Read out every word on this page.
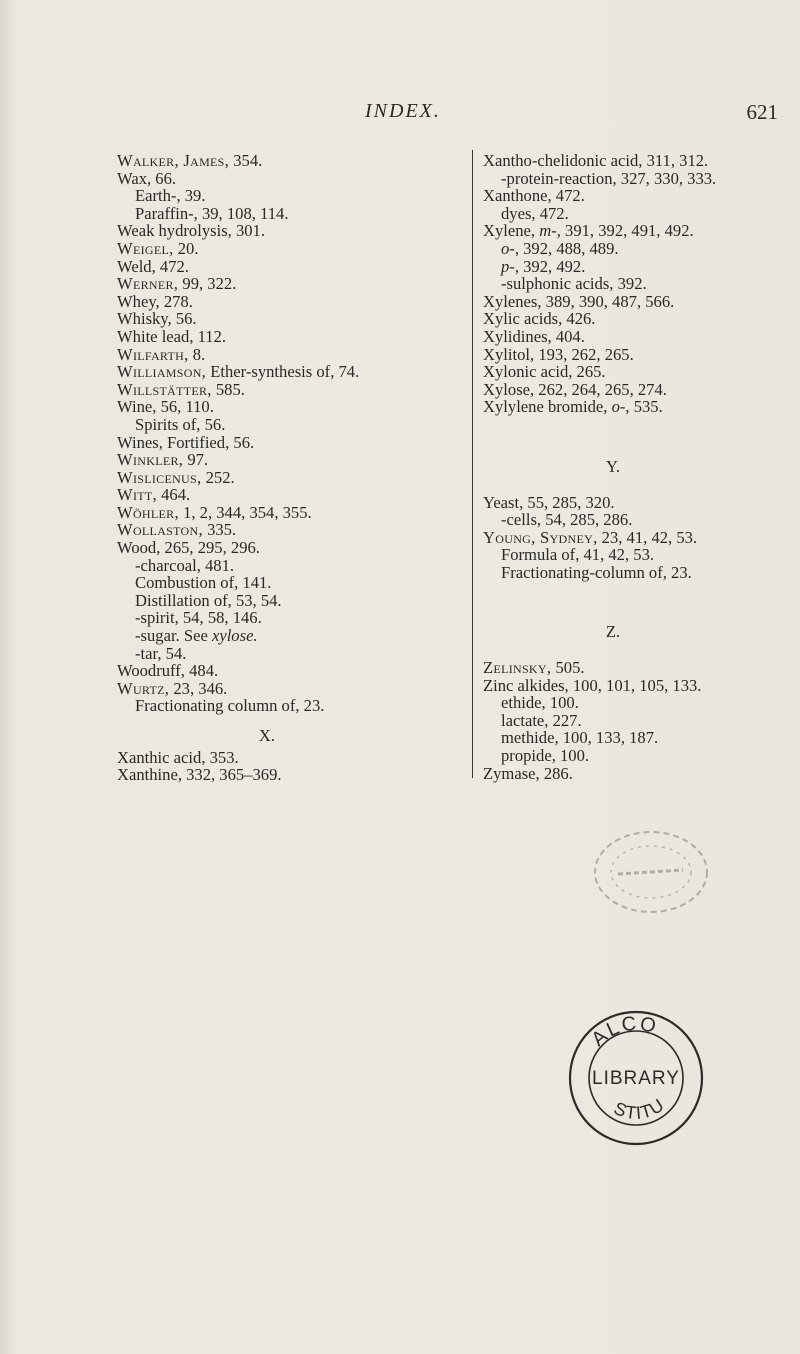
INDEX.	621
Walker, James, 354.
Wax, 66.
Earth-, 39.
Paraffin-, 39, 108, 114.
Weak hydrolysis, 301.
Weigel, 20.
Weld, 472.
Werner, 99, 322.
Whey, 278.
Whisky, 56.
White lead, 112.
Wilfarth, 8.
Williamson, Ether-synthesis of, 74.
Willstätter, 585.
Wine, 56, 110.
Spirits of, 56.
Wines, Fortified, 56.
Winkler, 97.
Wislicenus, 252.
Witt, 464.
Wöhler, 1, 2, 344, 354, 355.
Wollaston, 335.
Wood, 265, 295, 296.
-charcoal, 481.
Combustion of, 141.
Distillation of, 53, 54.
-spirit, 54, 58, 146.
-sugar. See xylose.
-tar, 54.
Woodruff, 484.
Wurtz, 23, 346.
Fractionating column of, 23.
X.
Xanthic acid, 353.
Xanthine, 332, 365–369.
Xantho-chelidonic acid, 311, 312.
-protein-reaction, 327, 330, 333.
Xanthone, 472.
dyes, 472.
Xylene, m-, 391, 392, 491, 492.
o-, 392, 488, 489.
p-, 392, 492.
-sulphonic acids, 392.
Xylenes, 389, 390, 487, 566.
Xylic acids, 426.
Xylidines, 404.
Xylitol, 193, 262, 265.
Xylonic acid, 265.
Xylose, 262, 264, 265, 274.
Xylylene bromide, o-, 535.
Y.
Yeast, 55, 285, 320.
-cells, 54, 285, 286.
Young, Sydney, 23, 41, 42, 53.
Formula of, 41, 42, 53.
Fractionating-column of, 23.
Z.
Zelinsky, 505.
Zinc alkides, 100, 101, 105, 133.
ethide, 100.
lactate, 227.
methide, 100, 133, 187.
propide, 100.
Zymase, 286.
ALCO
STITU
LIBRARY
